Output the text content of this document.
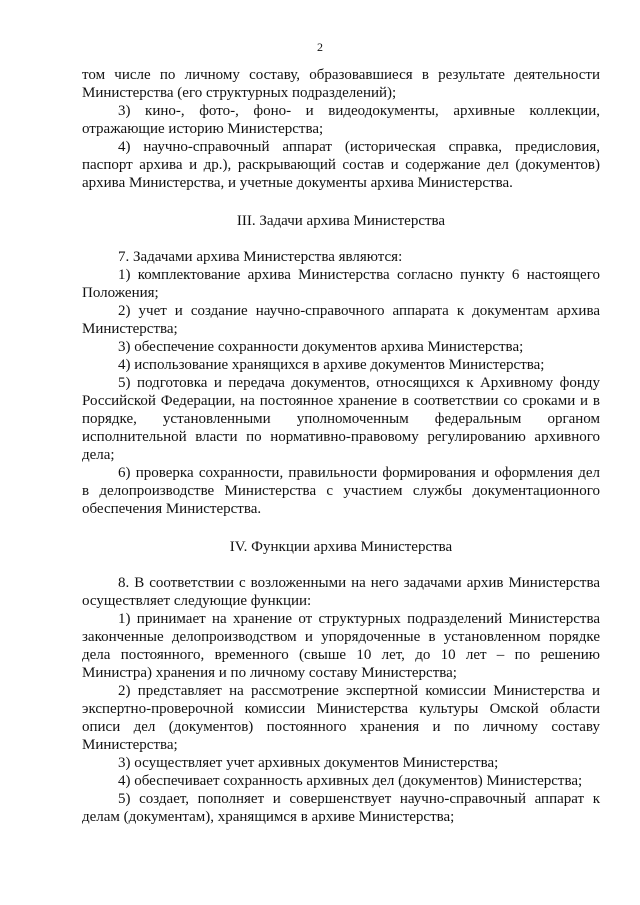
2

том числе по личному составу, образовавшиеся в результате деятельности Министерства (его структурных подразделений);

3) кино-, фото-, фоно- и видеодокументы, архивные коллекции, отражающие историю Министерства;

4) научно-справочный аппарат (историческая справка, предисловия, паспорт архива и др.), раскрывающий состав и содержание дел (документов) архива Министерства, и учетные документы архива Министерства.

III. Задачи архива Министерства

7. Задачами архива Министерства являются:

1) комплектование архива Министерства согласно пункту 6 настоящего Положения;

2) учет и создание научно-справочного аппарата к документам архива Министерства;

3) обеспечение сохранности документов архива Министерства;

4) использование хранящихся в архиве документов Министерства;

5) подготовка и передача документов, относящихся к Архивному фонду Российской Федерации, на постоянное хранение в соответствии со сроками и в порядке, установленными уполномоченным федеральным органом исполнительной власти по нормативно-правовому регулированию архивного дела;

6) проверка сохранности, правильности формирования и оформления дел в делопроизводстве Министерства с участием службы документационного обеспечения Министерства.

IV. Функции архива Министерства

8. В соответствии с возложенными на него задачами архив Министерства осуществляет следующие функции:

1) принимает на хранение от структурных подразделений Министерства законченные делопроизводством и упорядоченные в установленном порядке дела постоянного, временного (свыше 10 лет, до 10 лет – по решению Министра) хранения и по личному составу Министерства;

2) представляет на рассмотрение экспертной комиссии Министерства и экспертно-проверочной комиссии Министерства культуры Омской области описи дел (документов) постоянного хранения и по личному составу Министерства;

3) осуществляет учет архивных документов Министерства;

4) обеспечивает сохранность архивных дел (документов) Министерства;

5) создает, пополняет и совершенствует научно-справочный аппарат к делам (документам), хранящимся в архиве Министерства;
